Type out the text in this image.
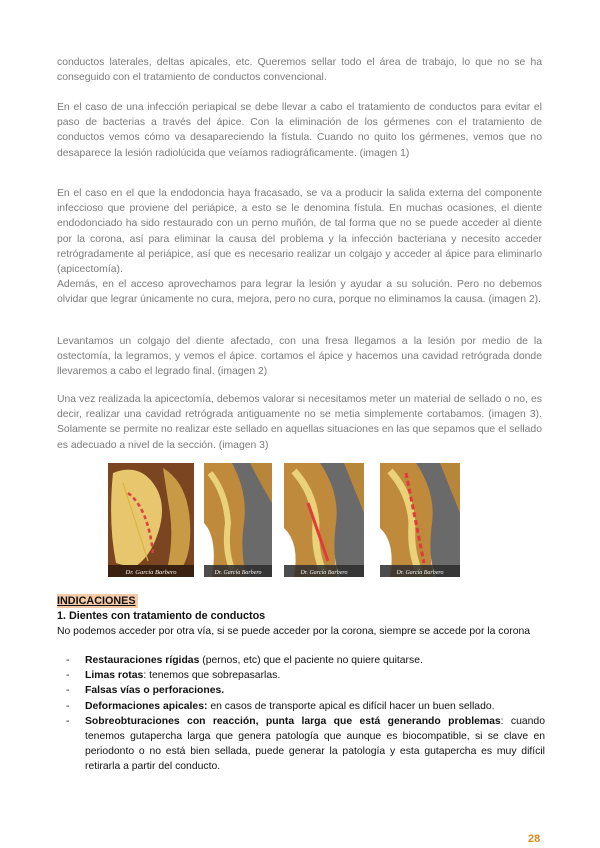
conductos laterales, deltas apicales, etc. Queremos sellar todo el área de trabajo, lo que no se ha conseguido con el tratamiento de conductos convencional.

En el caso de una infección periapical se debe llevar a cabo el tratamiento de conductos para evitar el paso de bacterias a través del ápice. Con la eliminación de los gérmenes con el tratamiento de conductos vemos cómo va desapareciendo la fístula. Cuando no quito los gérmenes, vemos que no desaparece la lesión radiolúcida que veíamos radiográficamente. (imagen 1)

En el caso en el que la endodoncia haya fracasado, se va a producir la salida externa del componente infeccioso que proviene del periápice, a esto se le denomina fístula. En muchas ocasiones, el diente endodonciado ha sido restaurado con un perno muñón, de tal forma que no se puede acceder al diente por la corona, así para eliminar la causa del problema y la infección bacteriana y necesito acceder retrógradamente al periápice, así que es necesario realizar un colgajo y acceder al ápice para eliminarlo (apicectomía).

Además, en el acceso aprovechamos para legrar la lesión y ayudar a su solución. Pero no debemos olvidar que legrar únicamente no cura, mejora, pero no cura, porque no eliminamos la causa. (imagen 2).

Levantamos un colgajo del diente afectado, con una fresa llegamos a la lesión por medio de la ostectomía, la legramos, y vemos el ápice. cortamos el ápice y hacemos una cavidad retrógrada donde llevaremos a cabo el legrado final. (imagen 2)

Una vez realizada la apicectomía, debemos valorar si necesitamos meter un material de sellado o no, es decir, realizar una cavidad retrógrada antiguamente no se metia simplemente cortabamos. (imagen 3). Solamente se permite no realizar este sellado en aquellas situaciones en las que sepamos que el sellado es adecuado a nivel de la sección. (imagen 3)

Dr. García Barbero	Dr. García Barbero	Dr. García Barbero	Dr. García Barbero
INDICACIONES
1. Dientes con tratamiento de conductos

No podemos acceder por otra vía, si se puede acceder por la corona, siempre se accede por la corona

- Restauraciones rígidas (pernos, etc) que el paciente no quiere quitarse.
- Limas rotas: tenemos que sobrepasarlas.
- Falsas vías o perforaciones.
- Deformaciones apicales: en casos de transporte apical es difícil hacer un buen sellado.
- Sobreobturaciones con reacción, punta larga que está generando problemas: cuando tenemos gutapercha larga que genera patología que aunque es biocompatible, si se clave en periodonto o no está bien sellada, puede generar la patología y esta gutapercha es muy difícil retirarla a partir del conducto.
28
